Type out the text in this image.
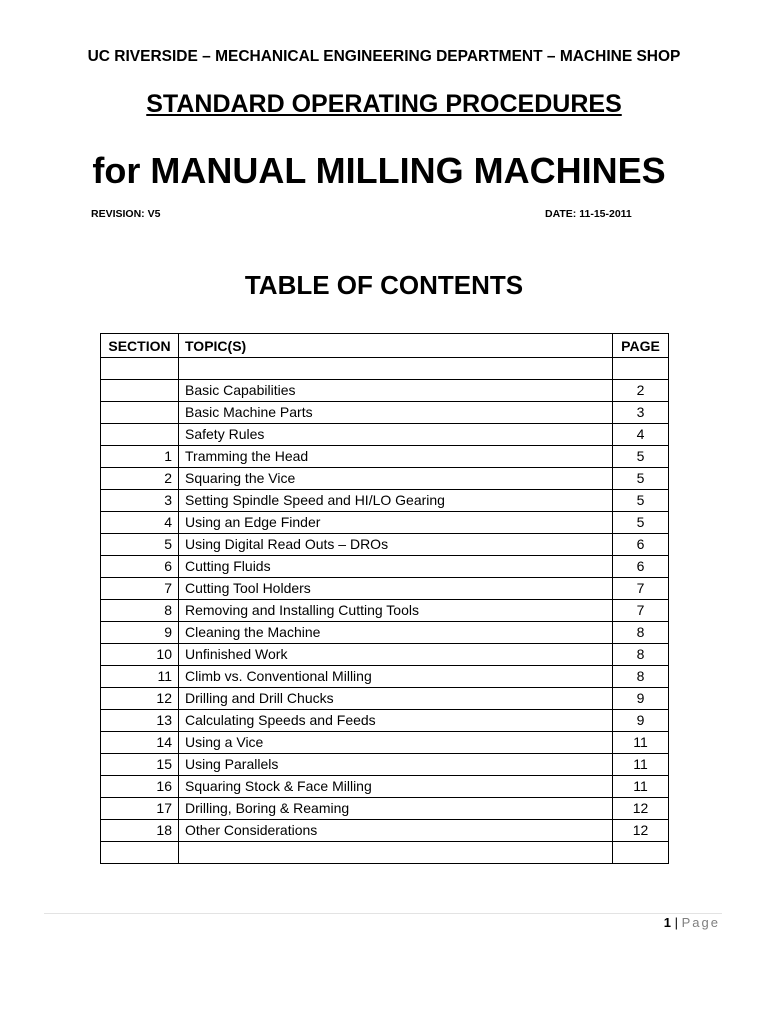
UC RIVERSIDE – MECHANICAL ENGINEERING DEPARTMENT – MACHINE SHOP
STANDARD OPERATING PROCEDURES
for MANUAL MILLING MACHINES
REVISION: V5	DATE: 11-15-2011
TABLE OF CONTENTS
SECTION	TOPIC(S)	PAGE

	Basic Capabilities	2
	Basic Machine Parts	3
	Safety Rules	4
1	Tramming the Head	5
2	Squaring the Vice	5
3	Setting Spindle Speed and HI/LO Gearing	5
4	Using an Edge Finder	5
5	Using Digital Read Outs – DROs	6
6	Cutting Fluids	6
7	Cutting Tool Holders	7
8	Removing and Installing Cutting Tools	7
9	Cleaning the Machine	8
10	Unfinished Work	8
11	Climb vs. Conventional Milling	8
12	Drilling and Drill Chucks	9
13	Calculating Speeds and Feeds	9
14	Using a Vice	11
15	Using Parallels	11
16	Squaring Stock & Face Milling	11
17	Drilling, Boring & Reaming	12
18	Other Considerations	12

1 | Page
